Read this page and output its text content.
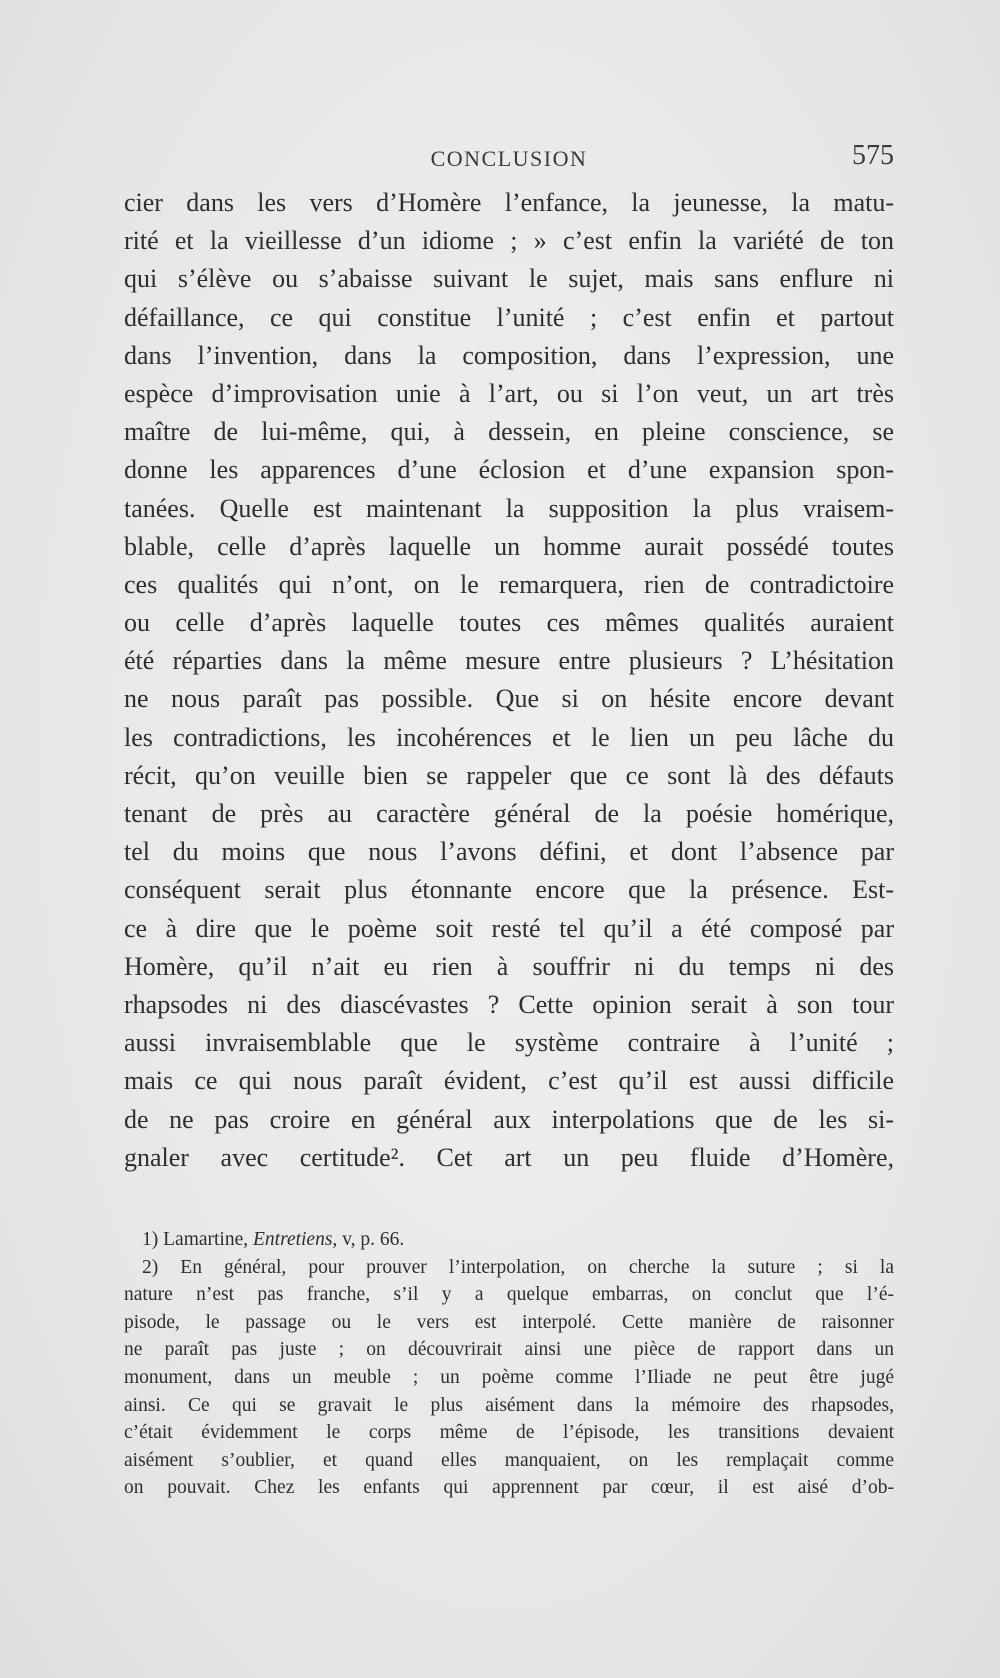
CONCLUSION	575
cier dans les vers d’Homère l’enfance, la jeunesse, la matu-
rité et la vieillesse d’un idiome ; » c’est enfin la variété de ton
qui s’élève ou s’abaisse suivant le sujet, mais sans enflure ni
défaillance, ce qui constitue l’unité ; c’est enfin et partout
dans l’invention, dans la composition, dans l’expression, une
espèce d’improvisation unie à l’art, ou si l’on veut, un art très
maître de lui-même, qui, à dessein, en pleine conscience, se
donne les apparences d’une éclosion et d’une expansion spon-
tanées. Quelle est maintenant la supposition la plus vraisem-
blable, celle d’après laquelle un homme aurait possédé toutes
ces qualités qui n’ont, on le remarquera, rien de contradictoire
ou celle d’après laquelle toutes ces mêmes qualités auraient
été réparties dans la même mesure entre plusieurs ? L’hésitation
ne nous paraît pas possible. Que si on hésite encore devant
les contradictions, les incohérences et le lien un peu lâche du
récit, qu’on veuille bien se rappeler que ce sont là des défauts
tenant de près au caractère général de la poésie homérique,
tel du moins que nous l’avons défini, et dont l’absence par
conséquent serait plus étonnante encore que la présence. Est-
ce à dire que le poème soit resté tel qu’il a été composé par
Homère, qu’il n’ait eu rien à souffrir ni du temps ni des
rhapsodes ni des diascévastes ? Cette opinion serait à son tour
aussi invraisemblable que le système contraire à l’unité ;
mais ce qui nous paraît évident, c’est qu’il est aussi difficile
de ne pas croire en général aux interpolations que de les si-
gnaler avec certitude². Cet art un peu fluide d’Homère,
1) Lamartine, Entretiens, v, p. 66.
2) En général, pour prouver l’interpolation, on cherche la suture ; si la
nature n’est pas franche, s’il y a quelque embarras, on conclut que l’é-
pisode, le passage ou le vers est interpolé. Cette manière de raisonner
ne paraît pas juste ; on découvrirait ainsi une pièce de rapport dans un
monument, dans un meuble ; un poème comme l’Iliade ne peut être jugé
ainsi. Ce qui se gravait le plus aisément dans la mémoire des rhapsodes,
c’était évidemment le corps même de l’épisode, les transitions devaient
aisément s’oublier, et quand elles manquaient, on les remplaçait comme
on pouvait. Chez les enfants qui apprennent par cœur, il est aisé d’ob-
